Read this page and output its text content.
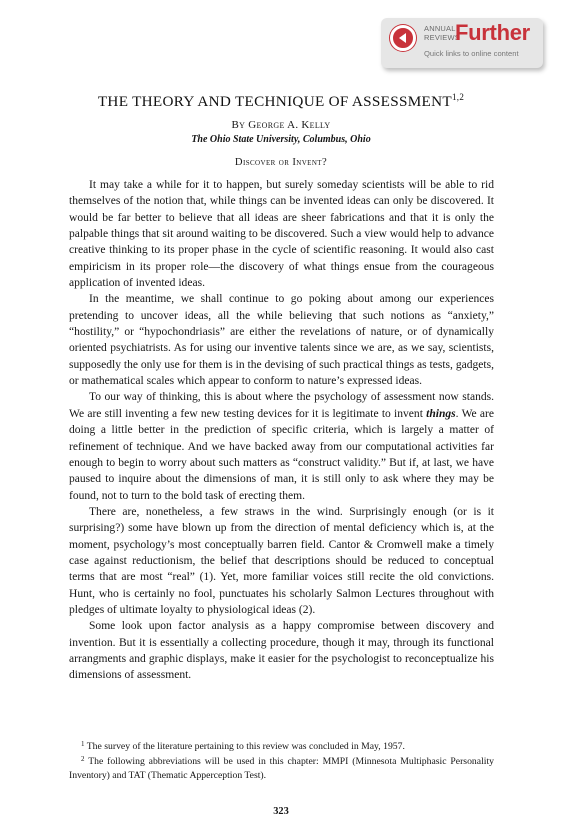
ANNUAL
REVIEWS
Further
Quick links to online content
THE THEORY AND TECHNIQUE OF ASSESSMENT$^{1,2}$
By George A. Kelly
The Ohio State University, Columbus, Ohio
Discover or Invent?

It may take a while for it to happen, but surely someday scientists will be able to rid themselves of the notion that, while things can be invented ideas can only be discovered. It would be far better to believe that all ideas are sheer fabrications and that it is only the palpable things that sit around waiting to be discovered. Such a view would help to advance creative thinking to its proper phase in the cycle of scientific reasoning. It would also cast empiricism in its proper role—the discovery of what things ensue from the courageous application of invented ideas.

In the meantime, we shall continue to go poking about among our experiences pretending to uncover ideas, all the while believing that such notions as “anxiety,” “hostility,” or “hypochondriasis” are either the revelations of nature, or of dynamically oriented psychiatrists. As for using our inventive talents since we are, as we say, scientists, supposedly the only use for them is in the devising of such practical things as tests, gadgets, or mathematical scales which appear to conform to nature’s expressed ideas.

To our way of thinking, this is about where the psychology of assessment now stands. We are still inventing a few new testing devices for it is legitimate to invent things. We are doing a little better in the prediction of specific criteria, which is largely a matter of refinement of technique. And we have backed away from our computational activities far enough to begin to worry about such matters as “construct validity.” But if, at last, we have paused to inquire about the dimensions of man, it is still only to ask where they may be found, not to turn to the bold task of erecting them.

There are, nonetheless, a few straws in the wind. Surprisingly enough (or is it surprising?) some have blown up from the direction of mental deficiency which is, at the moment, psychology’s most conceptually barren field. Cantor & Cromwell make a timely case against reductionism, the belief that descriptions should be reduced to conceptual terms that are most “real” (1). Yet, more familiar voices still recite the old convictions. Hunt, who is certainly no fool, punctuates his scholarly Salmon Lectures throughout with pledges of ultimate loyalty to physiological ideas (2).

Some look upon factor analysis as a happy compromise between discovery and invention. But it is essentially a collecting procedure, though it may, through its functional arrangments and graphic displays, make it easier for the psychologist to reconceptualize his dimensions of assessment.

$^1$ The survey of the literature pertaining to this review was concluded in May, 1957.

$^2$ The following abbreviations will be used in this chapter: MMPI (Minnesota Multiphasic Personality Inventory) and TAT (Thematic Apperception Test).

323
